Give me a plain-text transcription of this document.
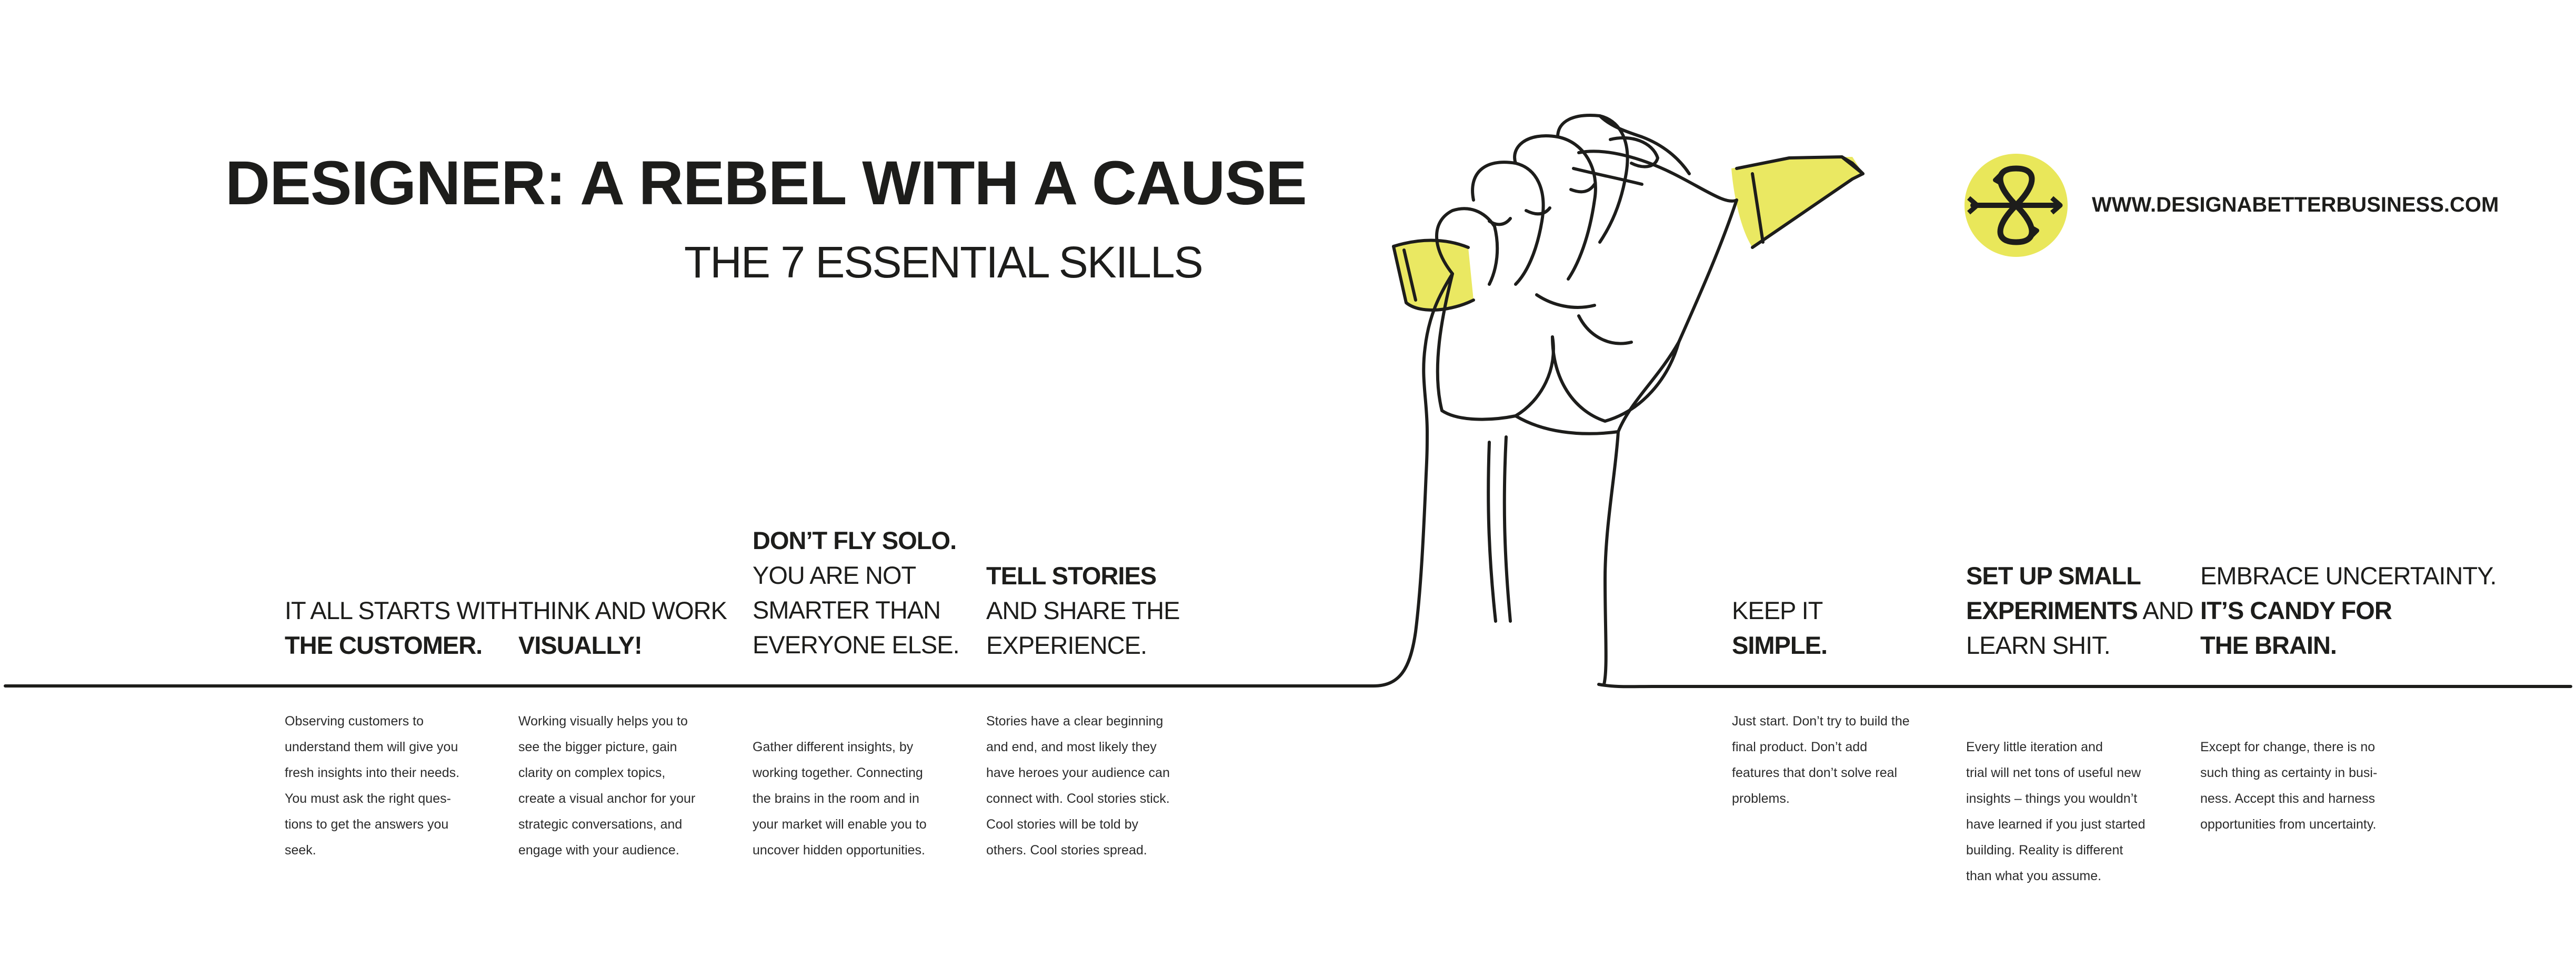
DESIGNER: A REBEL WITH A CAUSE
THE 7 ESSENTIAL SKILLS
WWW.DESIGNABETTERBUSINESS.COM
IT ALL STARTS WITH
THE CUSTOMER.
Observing customers to
understand them will give you
fresh insights into their needs.
You must ask the right ques-
tions to get the answers you
seek.
THINK AND WORK
VISUALLY!
Working visually helps you to
see the bigger picture, gain
clarity on complex topics,
create a visual anchor for your
strategic conversations, and
engage with your audience.
DON’T FLY SOLO.
YOU ARE NOT
SMARTER THAN
EVERYONE ELSE.
Gather different insights, by
working together. Connecting
the brains in the room and in
your market will enable you to
uncover hidden opportunities.
TELL STORIES
AND SHARE THE
EXPERIENCE.
Stories have a clear beginning
and end, and most likely they
have heroes your audience can
connect with. Cool stories stick.
Cool stories will be told by
others. Cool stories spread.
KEEP IT
SIMPLE.
Just start. Don’t try to build the
final product. Don’t add
features that don’t solve real
problems.
SET UP SMALL
EXPERIMENTS AND
LEARN SHIT.
Every little iteration and
trial will net tons of useful new
insights – things you wouldn’t
have learned if you just started
building. Reality is different
than what you assume.
EMBRACE UNCERTAINTY.
IT’S CANDY FOR
THE BRAIN.
Except for change, there is no
such thing as certainty in busi-
ness. Accept this and harness
opportunities from uncertainty.
